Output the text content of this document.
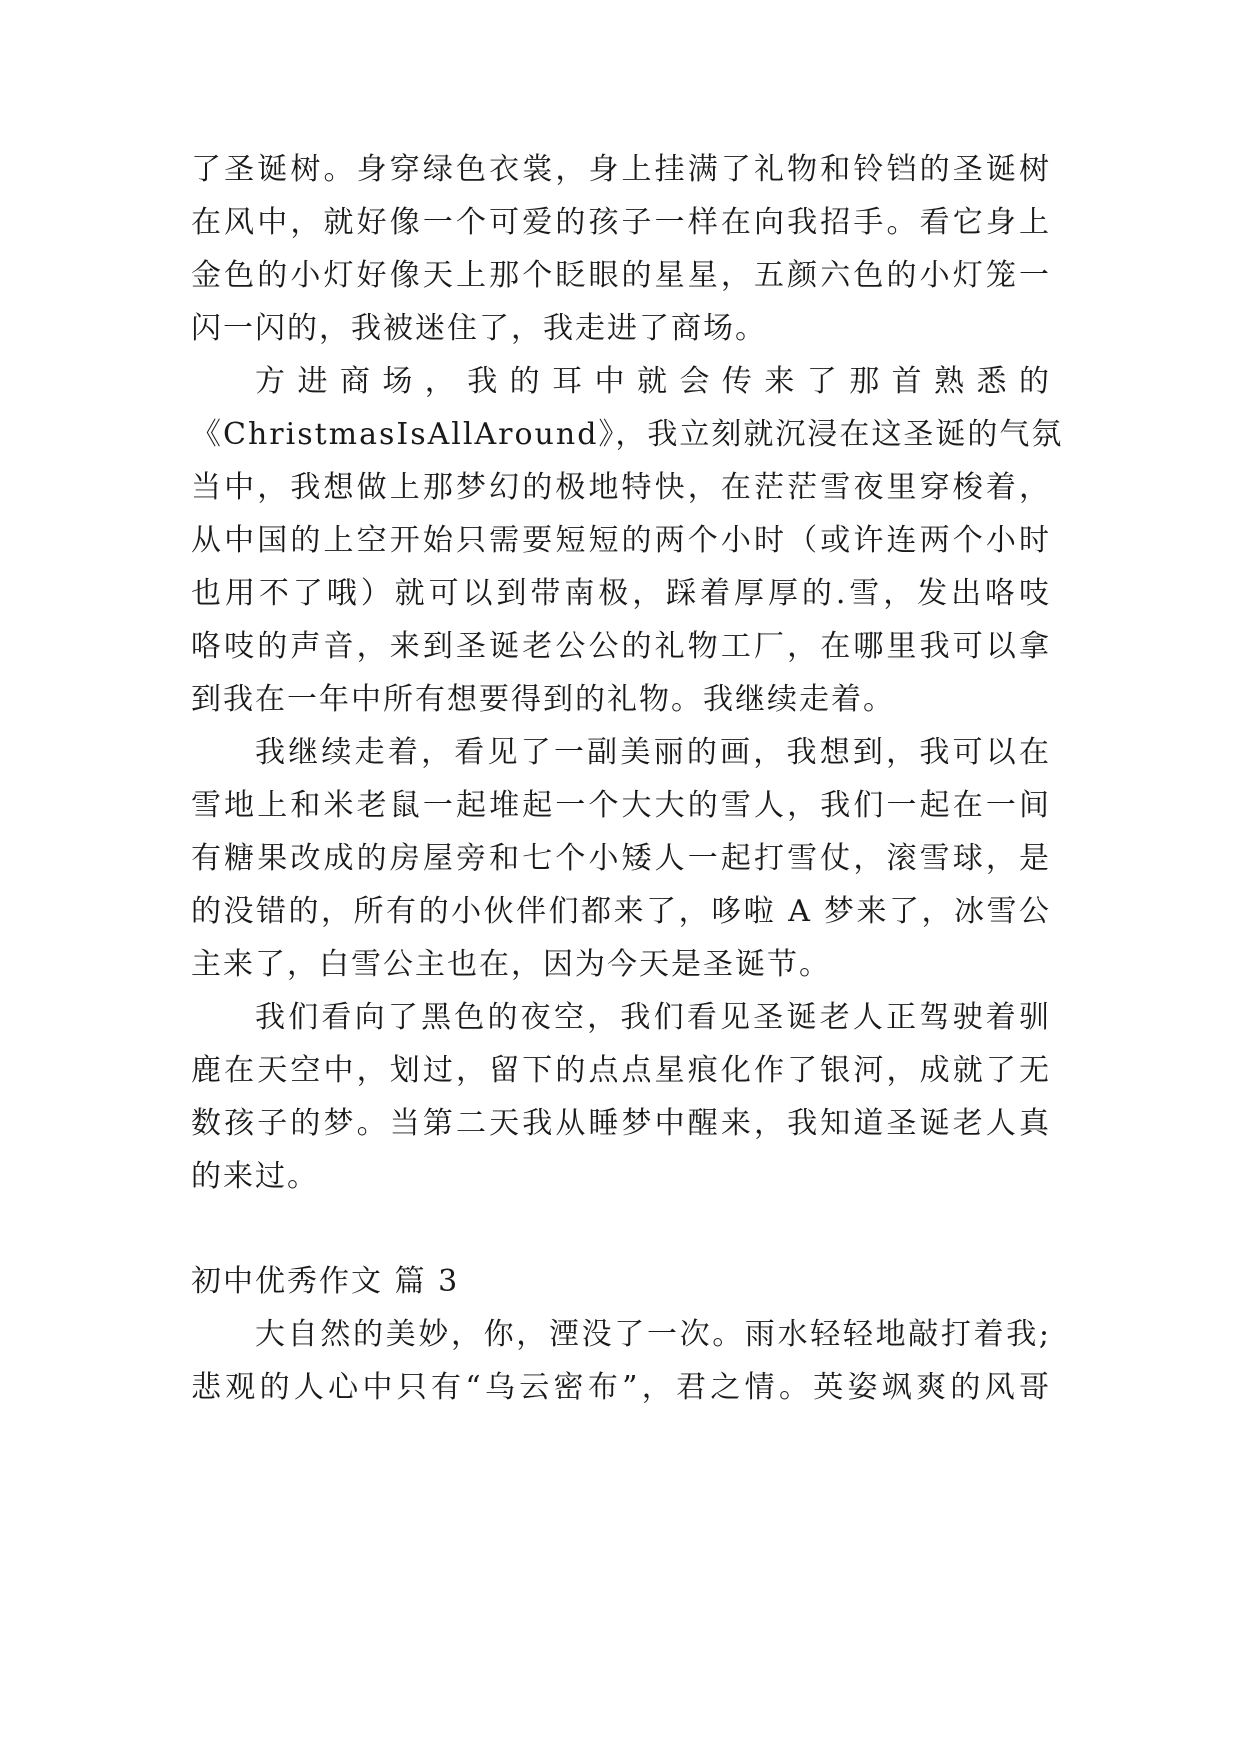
了圣诞树。身穿绿色衣裳，身上挂满了礼物和铃铛的圣诞树
在风中，就好像一个可爱的孩子一样在向我招手。看它身上
金色的小灯好像天上那个眨眼的星星，五颜六色的小灯笼一
闪一闪的，我被迷住了，我走进了商场。
方进商场，我的耳中就会传来了那首熟悉的
《ChristmasIsAllAround》，我立刻就沉浸在这圣诞的气氛
当中，我想做上那梦幻的极地特快，在茫茫雪夜里穿梭着，
从中国的上空开始只需要短短的两个小时（或许连两个小时
也用不了哦）就可以到带南极，踩着厚厚的.雪，发出咯吱
咯吱的声音，来到圣诞老公公的礼物工厂，在哪里我可以拿
到我在一年中所有想要得到的礼物。我继续走着。
我继续走着，看见了一副美丽的画，我想到，我可以在
雪地上和米老鼠一起堆起一个大大的雪人，我们一起在一间
有糖果改成的房屋旁和七个小矮人一起打雪仗，滚雪球，是
的没错的，所有的小伙伴们都来了，哆啦 A 梦来了，冰雪公
主来了，白雪公主也在，因为今天是圣诞节。
我们看向了黑色的夜空，我们看见圣诞老人正驾驶着驯
鹿在天空中，划过，留下的点点星痕化作了银河，成就了无
数孩子的梦。当第二天我从睡梦中醒来，我知道圣诞老人真
的来过。
初中优秀作文 篇 3
大自然的美妙，你，湮没了一次。雨水轻轻地敲打着我;
悲观的人心中只有“乌云密布”，君之情。英姿飒爽的风哥
